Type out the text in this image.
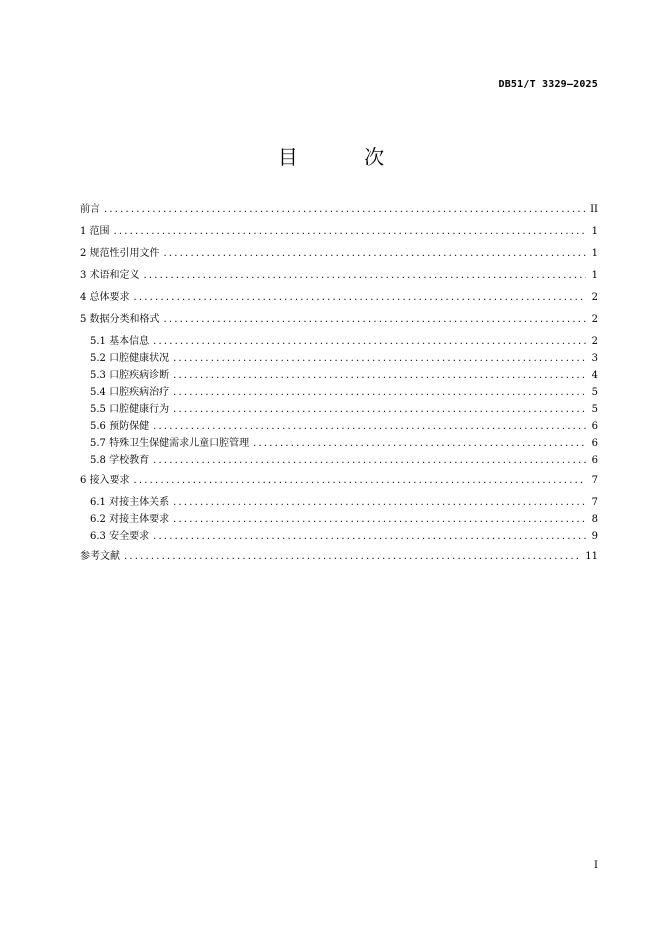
DB51/T 3329—2025
目 次
前言 .....	II
1 范围 .....	1
2 规范性引用文件 .....	1
3 术语和定义 .....	1
4 总体要求 .....	2
5 数据分类和格式 .....	2
5.1 基本信息 .....	2
5.2 口腔健康状况 .....	3
5.3 口腔疾病诊断 .....	4
5.4 口腔疾病治疗 .....	5
5.5 口腔健康行为 .....	5
5.6 预防保健 .....	6
5.7 特殊卫生保健需求儿童口腔管理 .....	6
5.8 学校教育 .....	6
6 接入要求 .....	7
6.1 对接主体关系 .....	7
6.2 对接主体要求 .....	8
6.3 安全要求 .....	9
参考文献 .....	11
I
